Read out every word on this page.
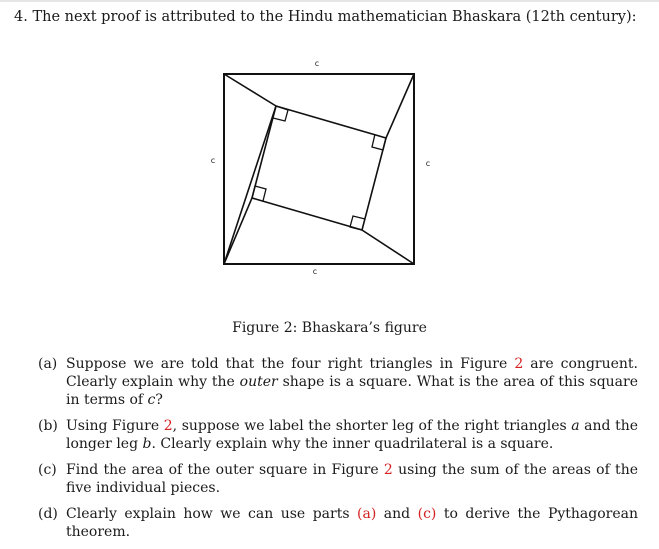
4. The next proof is attributed to the Hindu mathematician Bhaskara (12th century):
c
c	c
c
Figure 2: Bhaskara’s figure
(a) Suppose we are told that the four right triangles in Figure 2 are congruent. Clearly explain why the outer shape is a square. What is the area of this square in terms of c?
(b) Using Figure 2, suppose we label the shorter leg of the right triangles a and the longer leg b. Clearly explain why the inner quadrilateral is a square.
(c) Find the area of the outer square in Figure 2 using the sum of the areas of the five individual pieces.
(d) Clearly explain how we can use parts (a) and (c) to derive the Pythagorean theorem.
